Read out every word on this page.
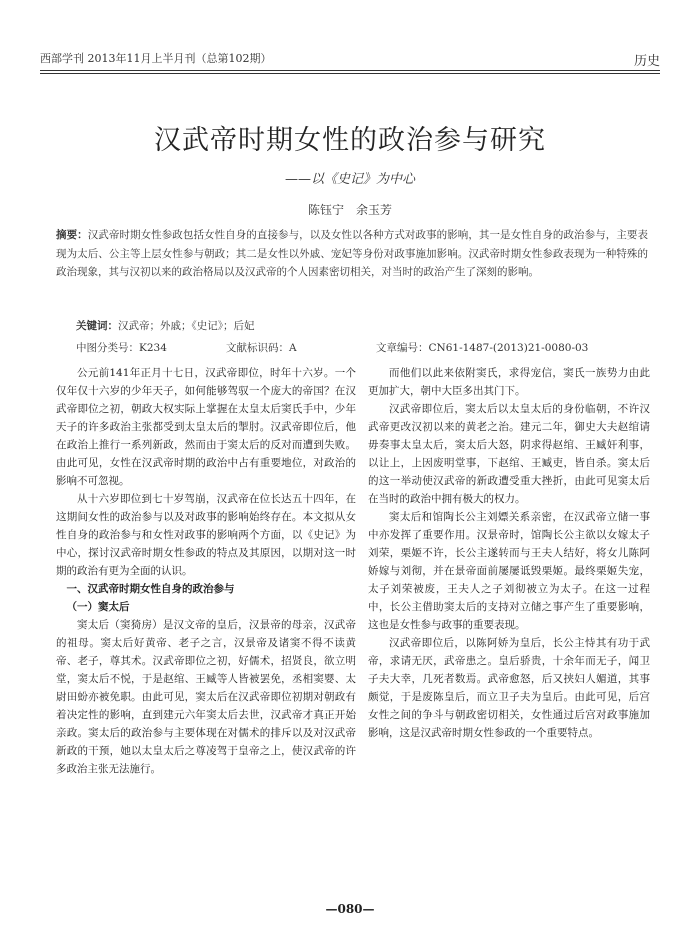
西部学刊 2013年11月上半月刊（总第102期）	历史
汉武帝时期女性的政治参与研究
——以《史记》为中心
陈钰宁　余玉芳
摘要：汉武帝时期女性参政包括女性自身的直接参与，以及女性以各种方式对政事的影响，其一是女性自身的政治参与，主要表现为太后、公主等上层女性参与朝政；其二是女性以外戚、宠妃等身份对政事施加影响。汉武帝时期女性参政表现为一种特殊的政治现象，其与汉初以来的政治格局以及汉武帝的个人因素密切相关，对当时的政治产生了深刻的影响。
关键词：汉武帝；外戚；《史记》；后妃
中图分类号：K234	文献标识码：A	文章编号：CN61-1487-(2013)21-0080-03

公元前141年正月十七日，汉武帝即位，时年十六岁。一个仅年仅十六岁的少年天子，如何能够驾驭一个庞大的帝国？在汉武帝即位之初，朝政大权实际上掌握在太皇太后窦氏手中，少年天子的许多政治主张都受到太皇太后的掣肘。汉武帝即位后，他在政治上推行一系列新政，然而由于窦太后的反对而遭到失败。由此可见，女性在汉武帝时期的政治中占有重要地位，对政治的影响不可忽视。

从十六岁即位到七十岁驾崩，汉武帝在位长达五十四年，在这期间女性的政治参与以及对政事的影响始终存在。本文拟从女性自身的政治参与和女性对政事的影响两个方面，以《史记》为中心，探讨汉武帝时期女性参政的特点及其原因，以期对这一时期的政治有更为全面的认识。

一、汉武帝时期女性自身的政治参与

（一）窦太后

窦太后（窦猗房）是汉文帝的皇后，汉景帝的母亲，汉武帝的祖母。窦太后好黄帝、老子之言，汉景帝及诸窦不得不读黄帝、老子，尊其术。汉武帝即位之初，好儒术，招贤良，欲立明堂，窦太后不悦，于是赵绾、王臧等人皆被罢免，丞相窦婴、太尉田蚡亦被免职。由此可见，窦太后在汉武帝即位初期对朝政有着决定性的影响，直到建元六年窦太后去世，汉武帝才真正开始亲政。窦太后的政治参与主要体现在对儒术的排斥以及对汉武帝新政的干预，她以太皇太后之尊凌驾于皇帝之上，使汉武帝的许多政治主张无法施行。

而他们以此来依附窦氏，求得宠信，窦氏一族势力由此更加扩大，朝中大臣多出其门下。

汉武帝即位后，窦太后以太皇太后的身份临朝，不许汉武帝更改汉初以来的黄老之治。建元二年，御史大夫赵绾请毋奏事太皇太后，窦太后大怒，阴求得赵绾、王臧奸利事，以让上，上因废明堂事，下赵绾、王臧吏，皆自杀。窦太后的这一举动使汉武帝的新政遭受重大挫折，由此可见窦太后在当时的政治中拥有极大的权力。

窦太后和馆陶长公主刘嫖关系亲密，在汉武帝立储一事中亦发挥了重要作用。汉景帝时，馆陶长公主欲以女嫁太子刘荣，栗姬不许，长公主遂转而与王夫人结好，将女儿陈阿娇嫁与刘彻，并在景帝面前屡屡诋毁栗姬。最终栗姬失宠，太子刘荣被废，王夫人之子刘彻被立为太子。在这一过程中，长公主借助窦太后的支持对立储之事产生了重要影响，这也是女性参与政事的重要表现。

汉武帝即位后，以陈阿娇为皇后，长公主恃其有功于武帝，求请无厌，武帝患之。皇后骄贵，十余年而无子，闻卫子夫大幸，几死者数焉。武帝愈怒，后又挟妇人媚道，其事颇觉，于是废陈皇后，而立卫子夫为皇后。由此可见，后宫女性之间的争斗与朝政密切相关，女性通过后宫对政事施加影响，这是汉武帝时期女性参政的一个重要特点。

—080—
